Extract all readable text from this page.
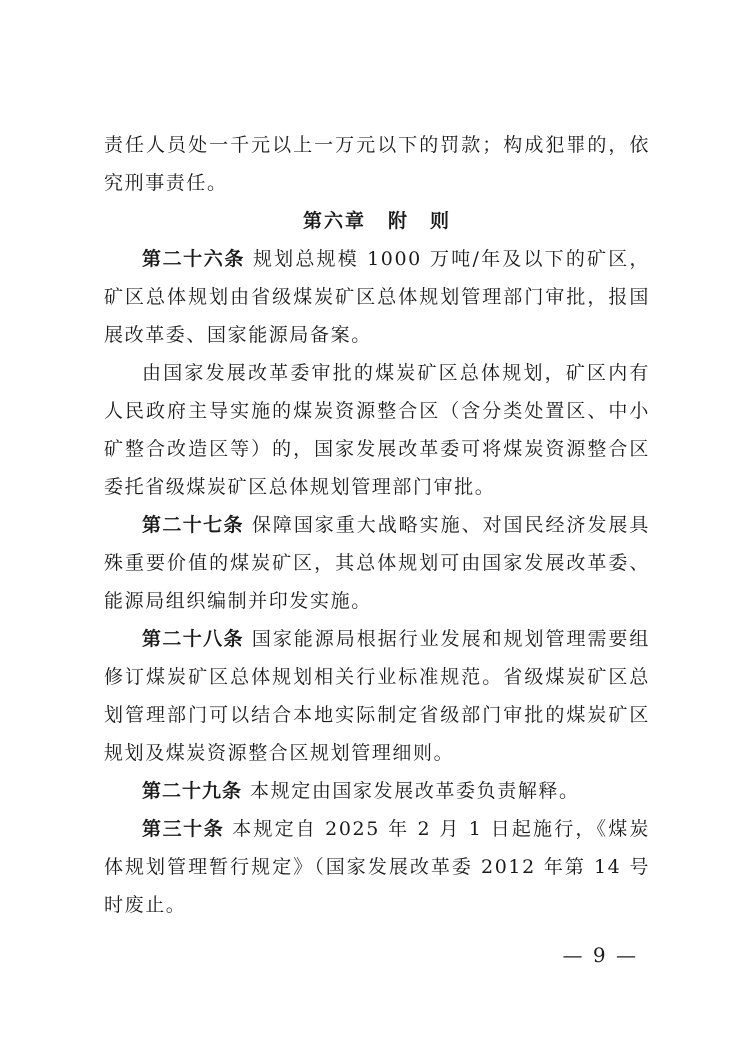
责任人员处一千元以上一万元以下的罚款；构成犯罪的，依
究刑事责任。
第六章 附　则
第二十六条 规划总规模 1000 万吨/年及以下的矿区，
矿区总体规划由省级煤炭矿区总体规划管理部门审批，报国
展改革委、国家能源局备案。
由国家发展改革委审批的煤炭矿区总体规划，矿区内有
人民政府主导实施的煤炭资源整合区（含分类处置区、中小
矿整合改造区等）的，国家发展改革委可将煤炭资源整合区
委托省级煤炭矿区总体规划管理部门审批。
第二十七条 保障国家重大战略实施、对国民经济发展具
殊重要价值的煤炭矿区，其总体规划可由国家发展改革委、
能源局组织编制并印发实施。
第二十八条 国家能源局根据行业发展和规划管理需要组
修订煤炭矿区总体规划相关行业标准规范。省级煤炭矿区总
划管理部门可以结合本地实际制定省级部门审批的煤炭矿区
规划及煤炭资源整合区规划管理细则。
第二十九条 本规定由国家发展改革委负责解释。
第三十条 本规定自 2025 年 2 月 1 日起施行，《煤炭
体规划管理暂行规定》（国家发展改革委 2012 年第 14 号
时废止。
— 9 —
